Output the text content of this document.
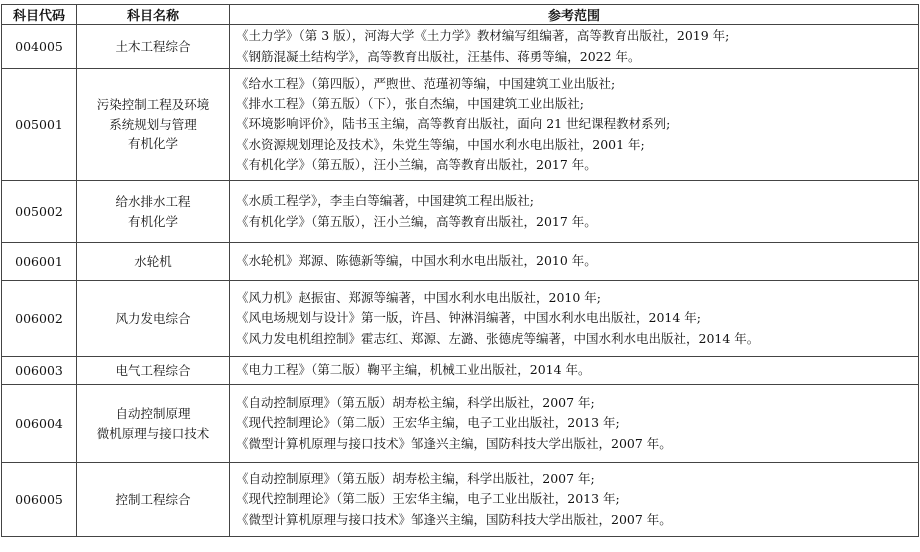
科目代码	科目名称	参考范围
004005	土木工程综合	《土力学》（第 3 版），河海大学《土力学》教材编写组编著，高等教育出版社，2019 年;
《钢筋混凝土结构学》，高等教育出版社，汪基伟、蒋勇等编，2022 年。

005001	污染控制工程及环境
系统规划与管理
有机化学	《给水工程》（第四版），严煦世、范瑾初等编，中国建筑工业出版社;
《排水工程》（第五版）（下），张自杰编，中国建筑工业出版社;
《环境影响评价》，陆书玉主编，高等教育出版社，面向 21 世纪课程教材系列;
《水资源规划理论及技术》，朱党生等编，中国水利水电出版社，2001 年;
《有机化学》（第五版），汪小兰编，高等教育出版社，2017 年。

005002	给水排水工程
有机化学	《水质工程学》，李圭白等编著，中国建筑工程出版社;
《有机化学》（第五版），汪小兰编，高等教育出版社，2017 年。

006001	水轮机	《水轮机》郑源、陈德新等编，中国水利水电出版社，2010 年。

006002	风力发电综合	《风力机》赵振宙、郑源等编著，中国水利水电出版社，2010 年;
《风电场规划与设计》第一版，许昌、钟淋涓编著，中国水利水电出版社，2014 年;
《风力发电机组控制》霍志红、郑源、左潞、张德虎等编著，中国水利水电出版社，2014 年。

006003	电气工程综合	《电力工程》（第二版）鞠平主编，机械工业出版社，2014 年。

006004	自动控制原理
微机原理与接口技术	《自动控制原理》（第五版）胡寿松主编，科学出版社，2007 年;
《现代控制理论》（第二版）王宏华主编，电子工业出版社，2013 年;
《微型计算机原理与接口技术》邹逢兴主编，国防科技大学出版社，2007 年。

006005	控制工程综合	《自动控制原理》（第五版）胡寿松主编，科学出版社，2007 年;
《现代控制理论》（第二版）王宏华主编，电子工业出版社，2013 年;
《微型计算机原理与接口技术》邹逢兴主编，国防科技大学出版社，2007 年。
